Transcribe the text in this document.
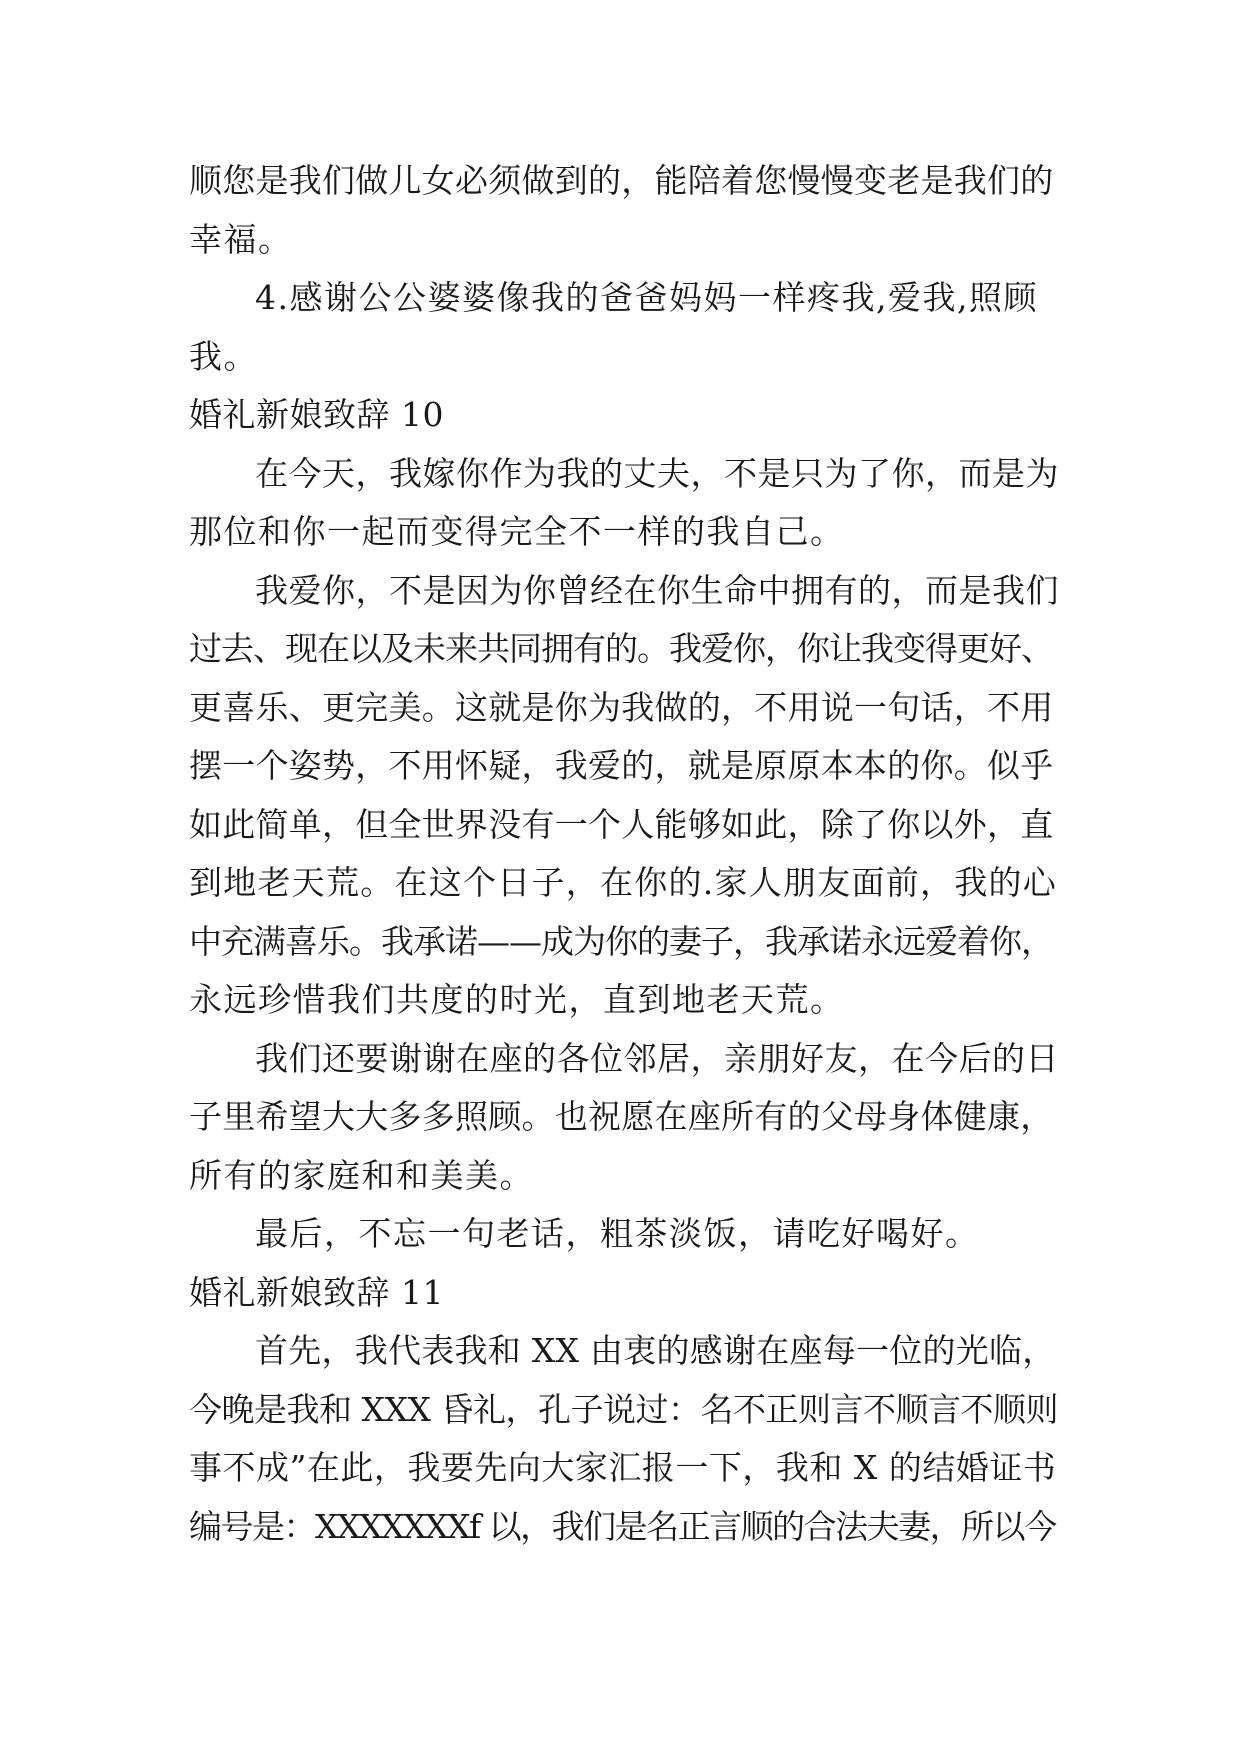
顺您是我们做儿女必须做到的，能陪着您慢慢变老是我们的
幸福。
4.感谢公公婆婆像我的爸爸妈妈一样疼我,爱我,照顾
我。
婚礼新娘致辞 10
在今天，我嫁你作为我的丈夫，不是只为了你，而是为
那位和你一起而变得完全不一样的我自己。
我爱你，不是因为你曾经在你生命中拥有的，而是我们
过去、现在以及未来共同拥有的。我爱你，你让我变得更好、
更喜乐、更完美。这就是你为我做的，不用说一句话，不用
摆一个姿势，不用怀疑，我爱的，就是原原本本的你。似乎
如此简单，但全世界没有一个人能够如此，除了你以外，直
到地老天荒。在这个日子，在你的.家人朋友面前，我的心
中充满喜乐。我承诺——成为你的妻子，我承诺永远爱着你，
永远珍惜我们共度的时光，直到地老天荒。
我们还要谢谢在座的各位邻居，亲朋好友，在今后的日
子里希望大大多多照顾。也祝愿在座所有的父母身体健康，
所有的家庭和和美美。
最后，不忘一句老话，粗茶淡饭，请吃好喝好。
婚礼新娘致辞 11
首先，我代表我和 XX 由衷的感谢在座每一位的光临，
今晚是我和 XXX 昏礼，孔子说过：名不正则言不顺言不顺则
事不成”在此，我要先向大家汇报一下，我和 X 的结婚证书
编号是：XXXXXXXf 以，我们是名正言顺的合法夫妻，所以今
